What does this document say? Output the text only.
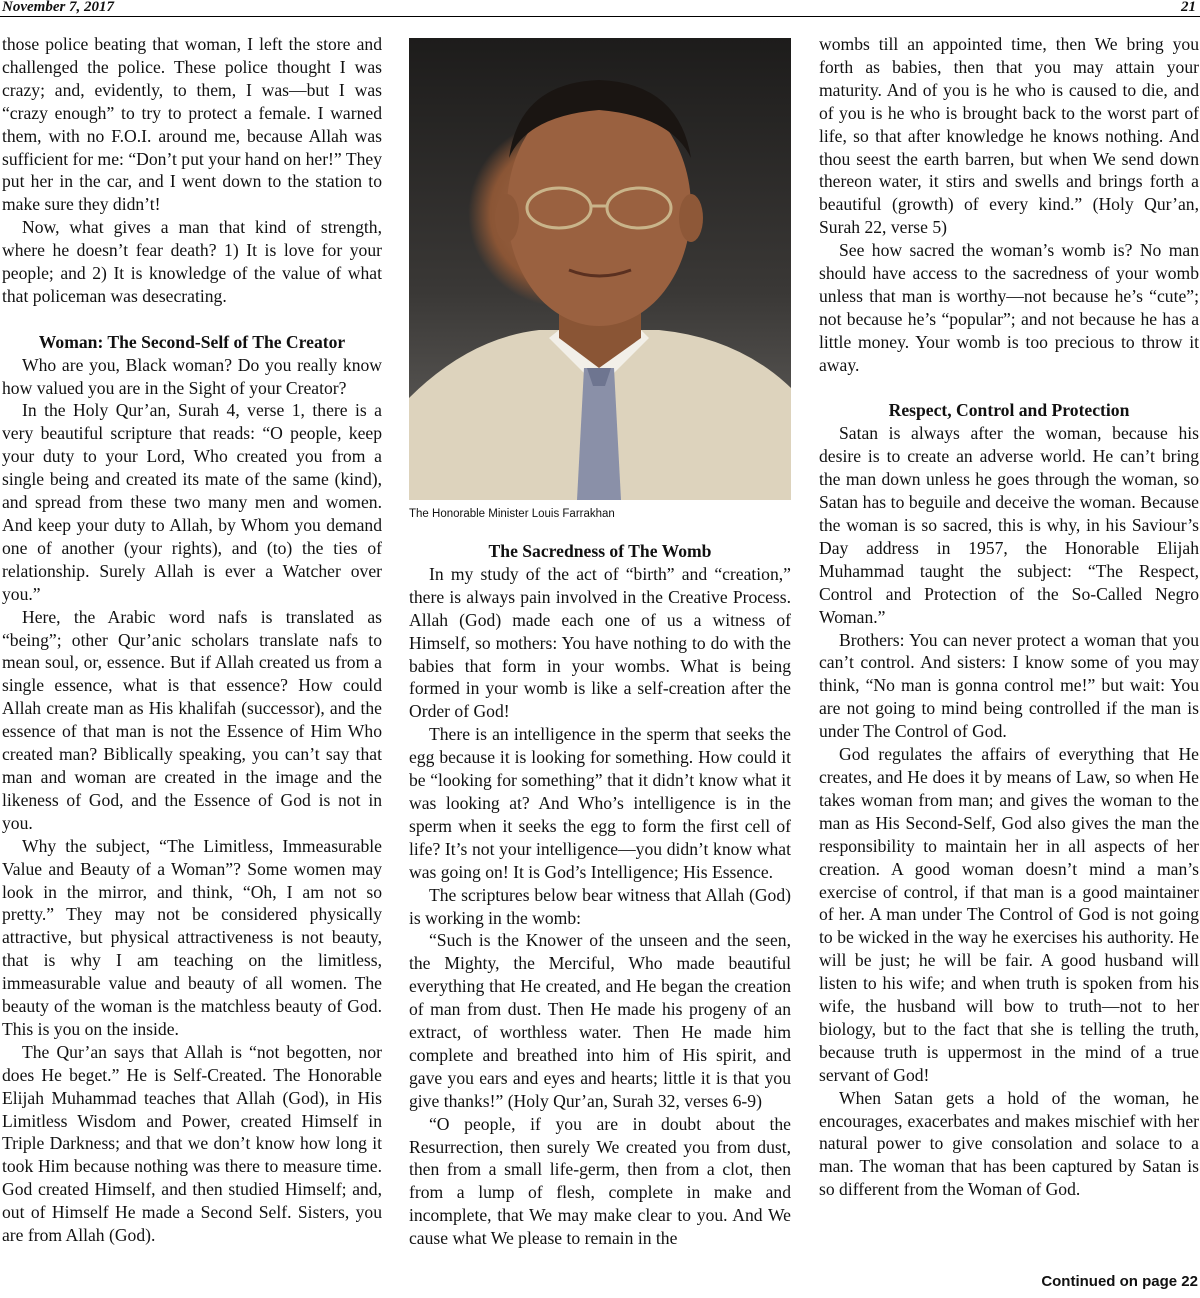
November 7, 2017	21

those police beating that woman, I left the store and challenged the police. These police thought I was crazy; and, evidently, to them, I was—but I was “crazy enough” to try to protect a female. I warned them, with no F.O.I. around me, because Allah was sufficient for me: “Don’t put your hand on her!” They put her in the car, and I went down to the station to make sure they didn’t!

Now, what gives a man that kind of strength, where he doesn’t fear death? 1) It is love for your people; and 2) It is knowledge of the value of what that policeman was desecrating.

Woman: The Second-Self of The Creator

Who are you, Black woman? Do you really know how valued you are in the Sight of your Creator?

In the Holy Qur’an, Surah 4, verse 1, there is a very beautiful scripture that reads: “O people, keep your duty to your Lord, Who created you from a single being and created its mate of the same (kind), and spread from these two many men and women. And keep your duty to Allah, by Whom you demand one of another (your rights), and (to) the ties of relationship. Surely Allah is ever a Watcher over you.”

Here, the Arabic word nafs is translated as “being”; other Qur’anic scholars translate nafs to mean soul, or, essence. But if Allah created us from a single essence, what is that essence? How could Allah create man as His khalifah (successor), and the essence of that man is not the Essence of Him Who created man? Biblically speaking, you can’t say that man and woman are created in the image and the likeness of God, and the Essence of God is not in you.

Why the subject, “The Limitless, Immeasurable Value and Beauty of a Woman”? Some women may look in the mirror, and think, “Oh, I am not so pretty.” They may not be considered physically attractive, but physical attractiveness is not beauty, that is why I am teaching on the limitless, immeasurable value and beauty of all women. The beauty of the woman is the matchless beauty of God. This is you on the inside.

The Qur’an says that Allah is “not begotten, nor does He beget.” He is Self-Created. The Honorable Elijah Muhammad teaches that Allah (God), in His Limitless Wisdom and Power, created Himself in Triple Darkness; and that we don’t know how long it took Him because nothing was there to measure time. God created Himself, and then studied Himself; and, out of Himself He made a Second Self. Sisters, you are from Allah (God).

The Honorable Minister Louis Farrakhan
The Sacredness of The Womb

In my study of the act of “birth” and “creation,” there is always pain involved in the Creative Process. Allah (God) made each one of us a witness of Himself, so mothers: You have nothing to do with the babies that form in your wombs. What is being formed in your womb is like a self-creation after the Order of God!

There is an intelligence in the sperm that seeks the egg because it is looking for something. How could it be “looking for something” that it didn’t know what it was looking at? And Who’s intelligence is in the sperm when it seeks the egg to form the first cell of life? It’s not your intelligence—you didn’t know what was going on! It is God’s Intelligence; His Essence.

The scriptures below bear witness that Allah (God) is working in the womb:

“Such is the Knower of the unseen and the seen, the Mighty, the Merciful, Who made beautiful everything that He created, and He began the creation of man from dust. Then He made his progeny of an extract, of worthless water. Then He made him complete and breathed into him of His spirit, and gave you ears and eyes and hearts; little it is that you give thanks!” (Holy Qur’an, Surah 32, verses 6-9)

“O people, if you are in doubt about the Resurrection, then surely We created you from dust, then from a small life-germ, then from a clot, then from a lump of flesh, complete in make and incomplete, that We may make clear to you. And We cause what We please to remain in the

wombs till an appointed time, then We bring you forth as babies, then that you may attain your maturity. And of you is he who is caused to die, and of you is he who is brought back to the worst part of life, so that after knowledge he knows nothing. And thou seest the earth barren, but when We send down thereon water, it stirs and swells and brings forth a beautiful (growth) of every kind.” (Holy Qur’an, Surah 22, verse 5)

See how sacred the woman’s womb is? No man should have access to the sacredness of your womb unless that man is worthy—not because he’s “cute”; not because he’s “popular”; and not because he has a little money. Your womb is too precious to throw it away.

Respect, Control and Protection

Satan is always after the woman, because his desire is to create an adverse world. He can’t bring the man down unless he goes through the woman, so Satan has to beguile and deceive the woman. Because the woman is so sacred, this is why, in his Saviour’s Day address in 1957, the Honorable Elijah Muhammad taught the subject: “The Respect, Control and Protection of the So-Called Negro Woman.”

Brothers: You can never protect a woman that you can’t control. And sisters: I know some of you may think, “No man is gonna control me!” but wait: You are not going to mind being controlled if the man is under The Control of God.

God regulates the affairs of everything that He creates, and He does it by means of Law, so when He takes woman from man; and gives the woman to the man as His Second-Self, God also gives the man the responsibility to maintain her in all aspects of her creation. A good woman doesn’t mind a man’s exercise of control, if that man is a good maintainer of her. A man under The Control of God is not going to be wicked in the way he exercises his authority. He will be just; he will be fair. A good husband will listen to his wife; and when truth is spoken from his wife, the husband will bow to truth—not to her biology, but to the fact that she is telling the truth, because truth is uppermost in the mind of a true servant of God!

When Satan gets a hold of the woman, he encourages, exacerbates and makes mischief with her natural power to give consolation and solace to a man. The woman that has been captured by Satan is so different from the Woman of God.

Continued on page 22
